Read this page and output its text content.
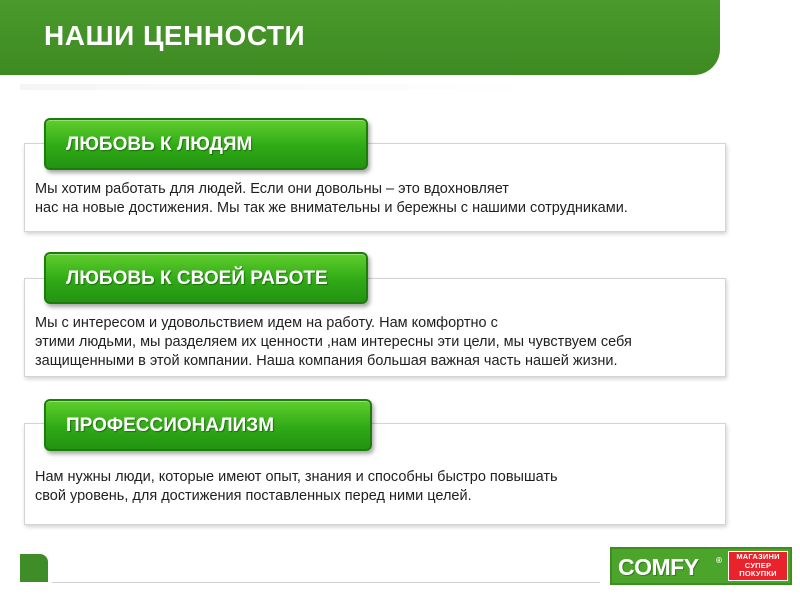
НАШИ ЦЕННОСТИ
Мы хотим работать для людей. Если они довольны – это вдохновляет
нас на новые достижения. Мы так же внимательны и бережны с нашими сотрудниками.
ЛЮБОВЬ К ЛЮДЯМ
Мы с интересом и удовольствием идем на работу. Нам комфортно с
этими людьми, мы разделяем их ценности ,нам интересны эти цели, мы чувствуем себя
защищенными в этой компании. Наша компания большая важная часть нашей жизни.
ЛЮБОВЬ К СВОЕЙ РАБОТЕ
Нам нужны люди, которые имеют опыт, знания и способны быстро повышать
свой уровень, для достижения поставленных перед ними целей.
ПРОФЕССИОНАЛИЗМ
COMFY ® МАГАЗИНИ
СУПЕР
ПОКУПКИ
